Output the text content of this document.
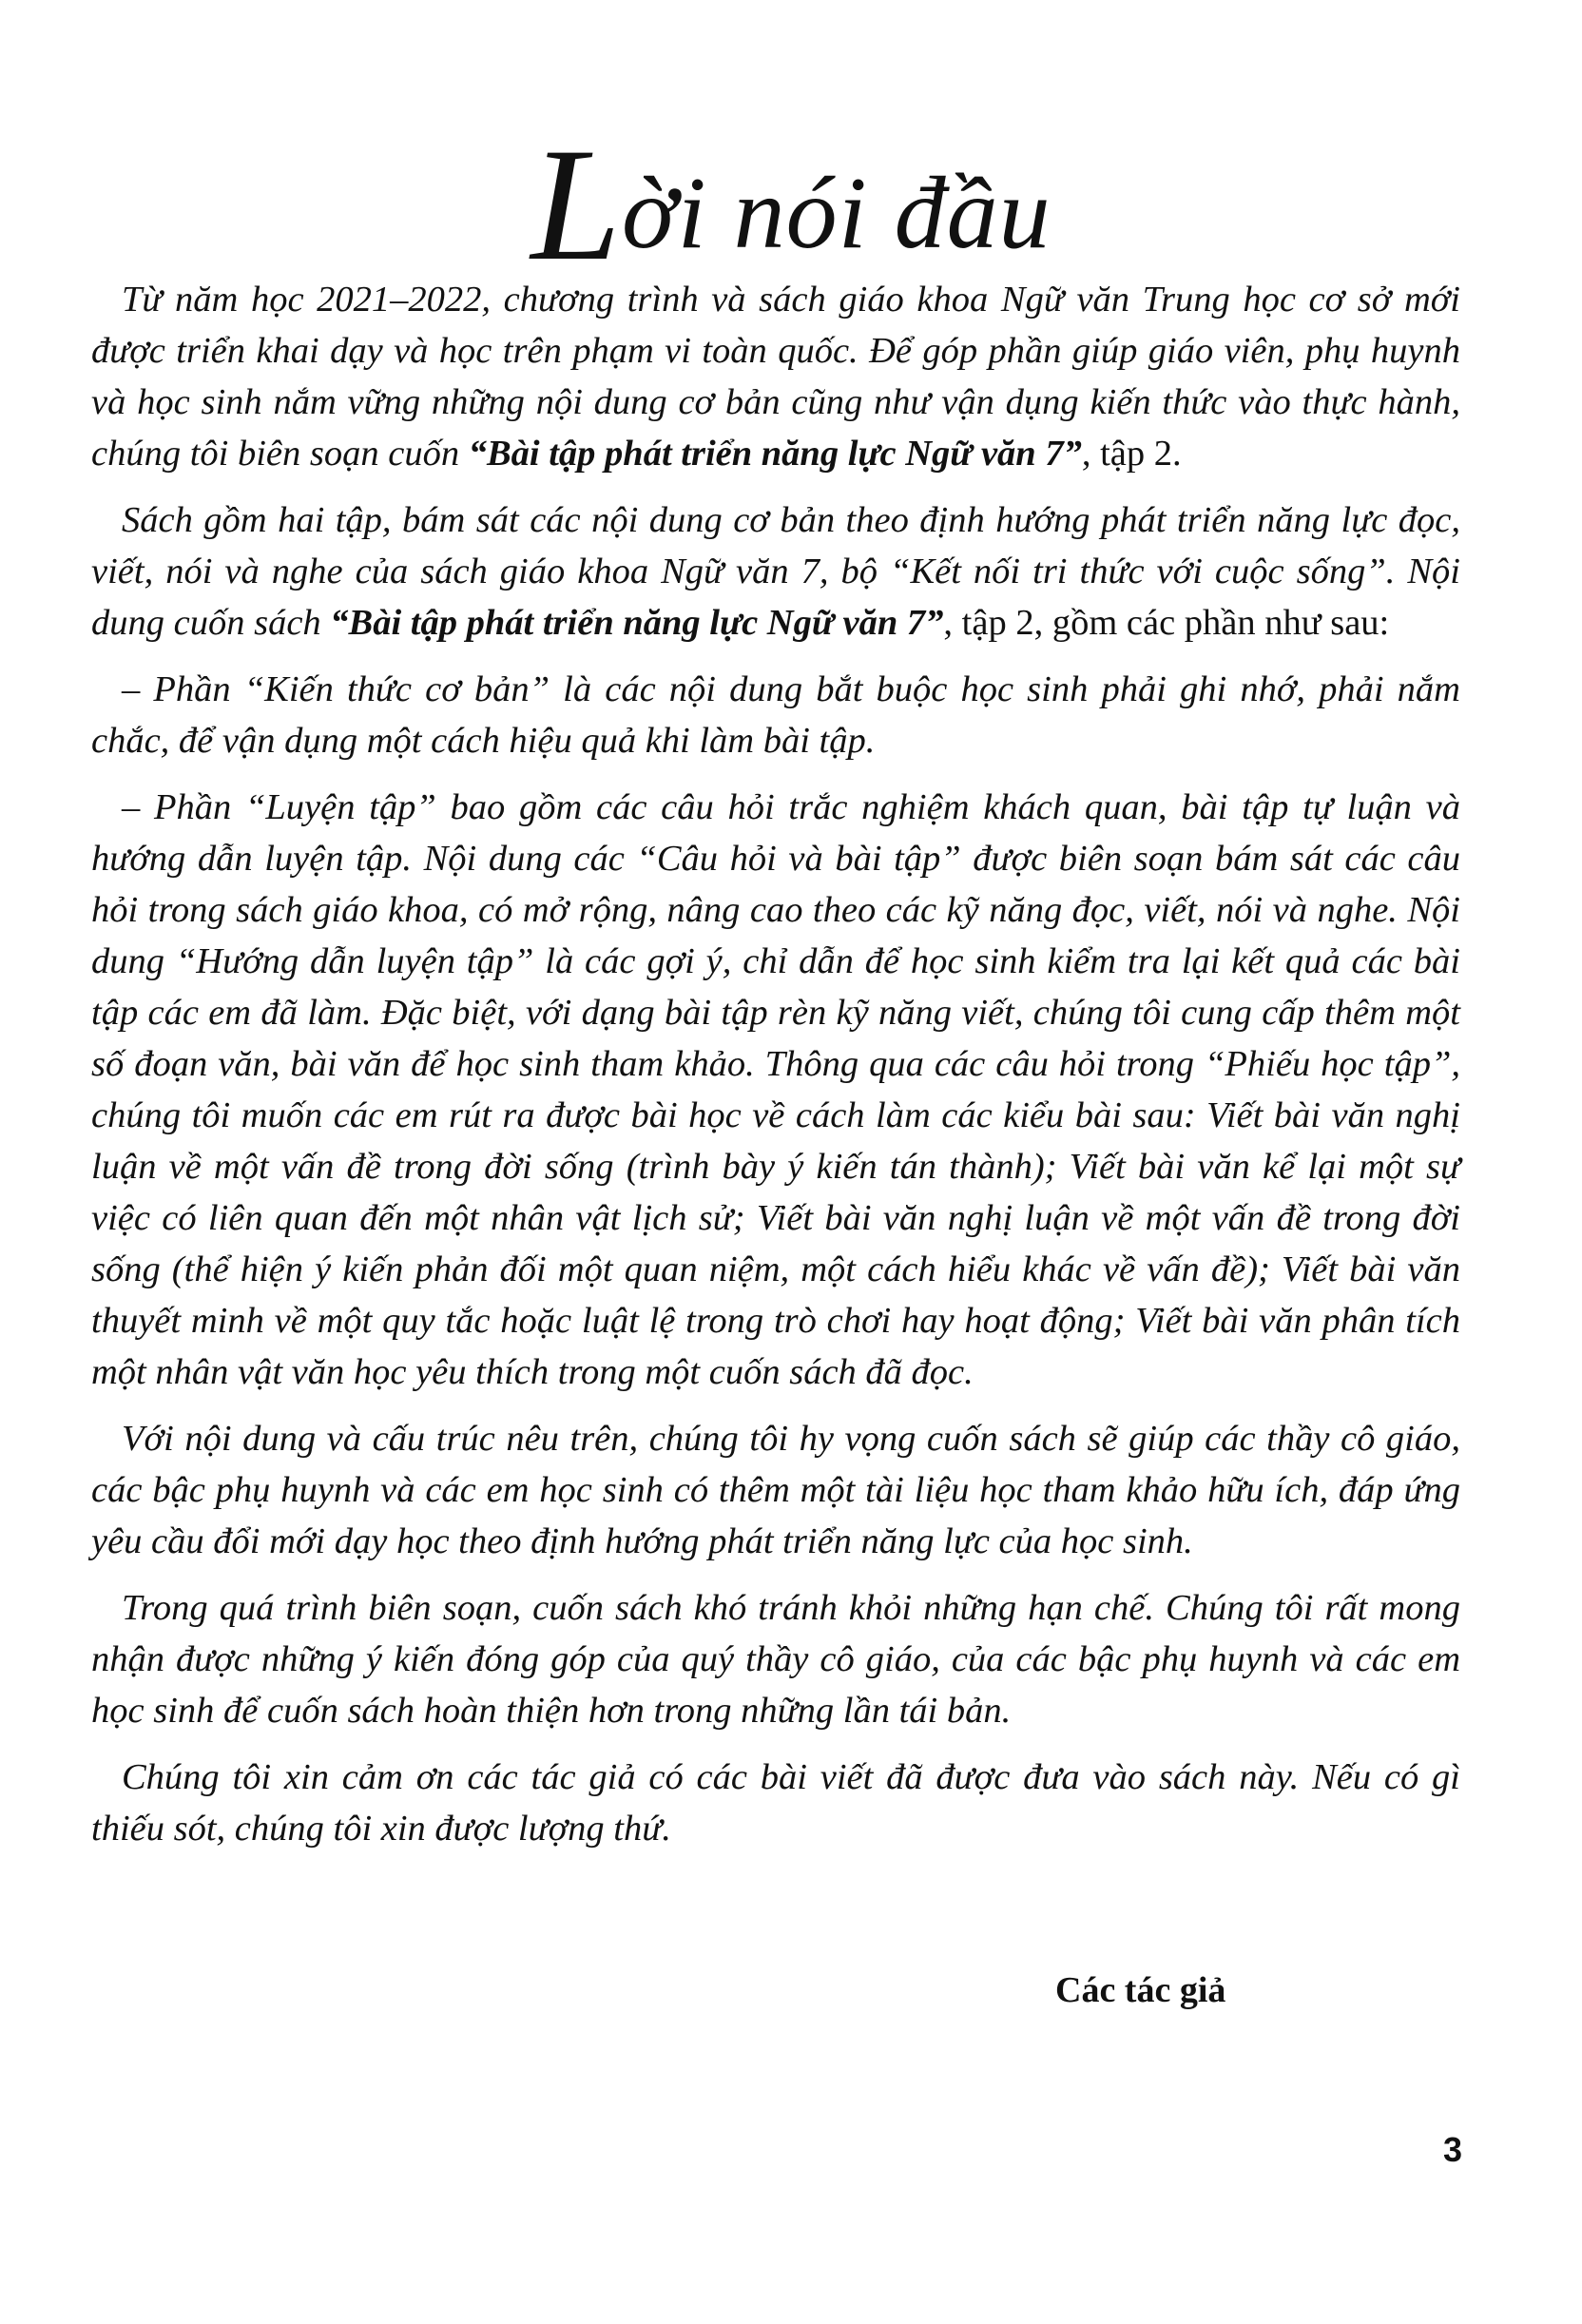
Lời nói đầu

Từ năm học 2021–2022, chương trình và sách giáo khoa Ngữ văn Trung học cơ sở mới được triển khai dạy và học trên phạm vi toàn quốc. Để góp phần giúp giáo viên, phụ huynh và học sinh nắm vững những nội dung cơ bản cũng như vận dụng kiến thức vào thực hành, chúng tôi biên soạn cuốn “Bài tập phát triển năng lực Ngữ văn 7”, tập 2.

Sách gồm hai tập, bám sát các nội dung cơ bản theo định hướng phát triển năng lực đọc, viết, nói và nghe của sách giáo khoa Ngữ văn 7, bộ “Kết nối tri thức với cuộc sống”. Nội dung cuốn sách “Bài tập phát triển năng lực Ngữ văn 7”, tập 2, gồm các phần như sau:

– Phần “Kiến thức cơ bản” là các nội dung bắt buộc học sinh phải ghi nhớ, phải nắm chắc, để vận dụng một cách hiệu quả khi làm bài tập.

– Phần “Luyện tập” bao gồm các câu hỏi trắc nghiệm khách quan, bài tập tự luận và hướng dẫn luyện tập. Nội dung các “Câu hỏi và bài tập” được biên soạn bám sát các câu hỏi trong sách giáo khoa, có mở rộng, nâng cao theo các kỹ năng đọc, viết, nói và nghe. Nội dung “Hướng dẫn luyện tập” là các gợi ý, chỉ dẫn để học sinh kiểm tra lại kết quả các bài tập các em đã làm. Đặc biệt, với dạng bài tập rèn kỹ năng viết, chúng tôi cung cấp thêm một số đoạn văn, bài văn để học sinh tham khảo. Thông qua các câu hỏi trong “Phiếu học tập”, chúng tôi muốn các em rút ra được bài học về cách làm các kiểu bài sau: Viết bài văn nghị luận về một vấn đề trong đời sống (trình bày ý kiến tán thành); Viết bài văn kể lại một sự việc có liên quan đến một nhân vật lịch sử; Viết bài văn nghị luận về một vấn đề trong đời sống (thể hiện ý kiến phản đối một quan niệm, một cách hiểu khác về vấn đề); Viết bài văn thuyết minh về một quy tắc hoặc luật lệ trong trò chơi hay hoạt động; Viết bài văn phân tích một nhân vật văn học yêu thích trong một cuốn sách đã đọc.

Với nội dung và cấu trúc nêu trên, chúng tôi hy vọng cuốn sách sẽ giúp các thầy cô giáo, các bậc phụ huynh và các em học sinh có thêm một tài liệu học tham khảo hữu ích, đáp ứng yêu cầu đổi mới dạy học theo định hướng phát triển năng lực của học sinh.

Trong quá trình biên soạn, cuốn sách khó tránh khỏi những hạn chế. Chúng tôi rất mong nhận được những ý kiến đóng góp của quý thầy cô giáo, của các bậc phụ huynh và các em học sinh để cuốn sách hoàn thiện hơn trong những lần tái bản.

Chúng tôi xin cảm ơn các tác giả có các bài viết đã được đưa vào sách này. Nếu có gì thiếu sót, chúng tôi xin được lượng thứ.

Các tác giả
3
